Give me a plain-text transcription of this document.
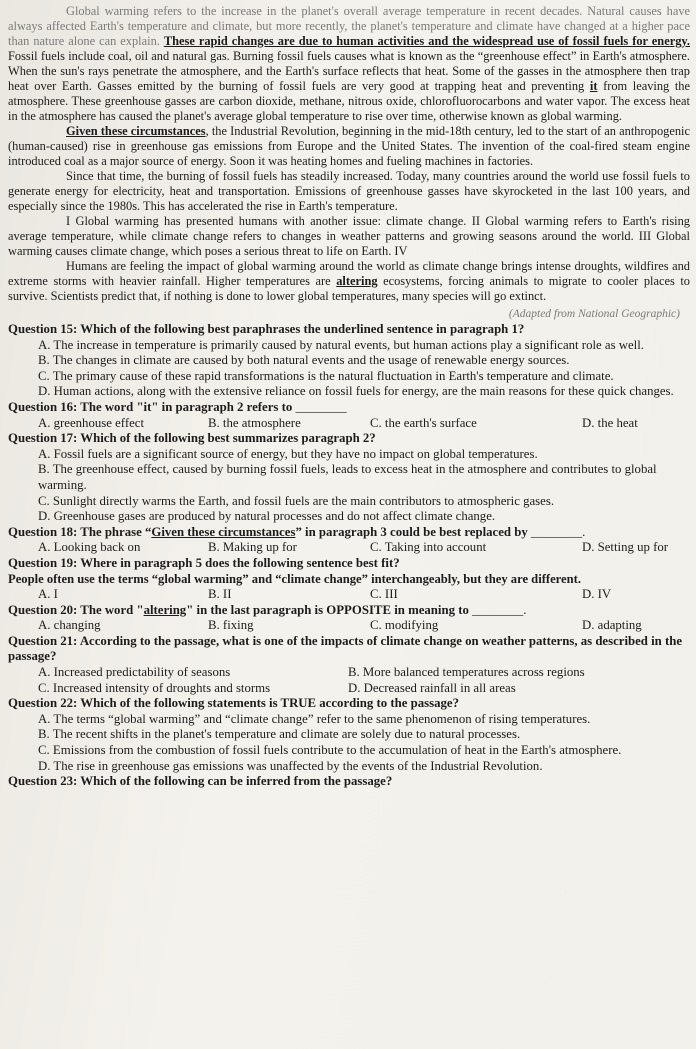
Global warming refers to the increase in the planet's overall average temperature in recent decades. Natural causes have always affected Earth's temperature and climate, but more recently, the planet's temperature and climate have changed at a higher pace than nature alone can explain. These rapid changes are due to human activities and the widespread use of fossil fuels for energy. Fossil fuels include coal, oil and natural gas. Burning fossil fuels causes what is known as the “greenhouse effect” in Earth's atmosphere. When the sun's rays penetrate the atmosphere, and the Earth's surface reflects that heat. Some of the gasses in the atmosphere then trap heat over Earth. Gasses emitted by the burning of fossil fuels are very good at trapping heat and preventing it from leaving the atmosphere. These greenhouse gasses are carbon dioxide, methane, nitrous oxide, chlorofluorocarbons and water vapor. The excess heat in the atmosphere has caused the planet's average global temperature to rise over time, otherwise known as global warming.

Given these circumstances, the Industrial Revolution, beginning in the mid-18th century, led to the start of an anthropogenic (human-caused) rise in greenhouse gas emissions from Europe and the United States. The invention of the coal-fired steam engine introduced coal as a major source of energy. Soon it was heating homes and fueling machines in factories.

Since that time, the burning of fossil fuels has steadily increased. Today, many countries around the world use fossil fuels to generate energy for electricity, heat and transportation. Emissions of greenhouse gasses have skyrocketed in the last 100 years, and especially since the 1980s. This has accelerated the rise in Earth's temperature.

I Global warming has presented humans with another issue: climate change. II Global warming refers to Earth's rising average temperature, while climate change refers to changes in weather patterns and growing seasons around the world. III Global warming causes climate change, which poses a serious threat to life on Earth. IV

Humans are feeling the impact of global warming around the world as climate change brings intense droughts, wildfires and extreme storms with heavier rainfall. Higher temperatures are altering ecosystems, forcing animals to migrate to cooler places to survive. Scientists predict that, if nothing is done to lower global temperatures, many species will go extinct.

(Adapted from National Geographic)

Question 15: Which of the following best paraphrases the underlined sentence in paragraph 1?

A. The increase in temperature is primarily caused by natural events, but human actions play a significant role as well.

B. The changes in climate are caused by both natural events and the usage of renewable energy sources.

C. The primary cause of these rapid transformations is the natural fluctuation in Earth's temperature and climate.

D. Human actions, along with the extensive reliance on fossil fuels for energy, are the main reasons for these quick changes.

Question 16: The word "it" in paragraph 2 refers to ________

A. greenhouse effect	B. the atmosphere	C. the earth's surface	D. the heat

Question 17: Which of the following best summarizes paragraph 2?

A. Fossil fuels are a significant source of energy, but they have no impact on global temperatures.

B. The greenhouse effect, caused by burning fossil fuels, leads to excess heat in the atmosphere and contributes to global warming.

C. Sunlight directly warms the Earth, and fossil fuels are the main contributors to atmospheric gases.

D. Greenhouse gases are produced by natural processes and do not affect climate change.

Question 18: The phrase “Given these circumstances” in paragraph 3 could be best replaced by ________.

A. Looking back on	B. Making up for	C. Taking into account	D. Setting up for

Question 19: Where in paragraph 5 does the following sentence best fit?

People often use the terms “global warming” and “climate change” interchangeably, but they are different.

A. I	B. II	C. III	D. IV

Question 20: The word "altering" in the last paragraph is OPPOSITE in meaning to ________.

A. changing	B. fixing	C. modifying	D. adapting

Question 21: According to the passage, what is one of the impacts of climate change on weather patterns, as described in the passage?

A. Increased predictability of seasons	B. More balanced temperatures across regions
C. Increased intensity of droughts and storms	D. Decreased rainfall in all areas

Question 22: Which of the following statements is TRUE according to the passage?

A. The terms “global warming” and “climate change” refer to the same phenomenon of rising temperatures.

B. The recent shifts in the planet's temperature and climate are solely due to natural processes.

C. Emissions from the combustion of fossil fuels contribute to the accumulation of heat in the Earth's atmosphere.

D. The rise in greenhouse gas emissions was unaffected by the events of the Industrial Revolution.

Question 23: Which of the following can be inferred from the passage?
